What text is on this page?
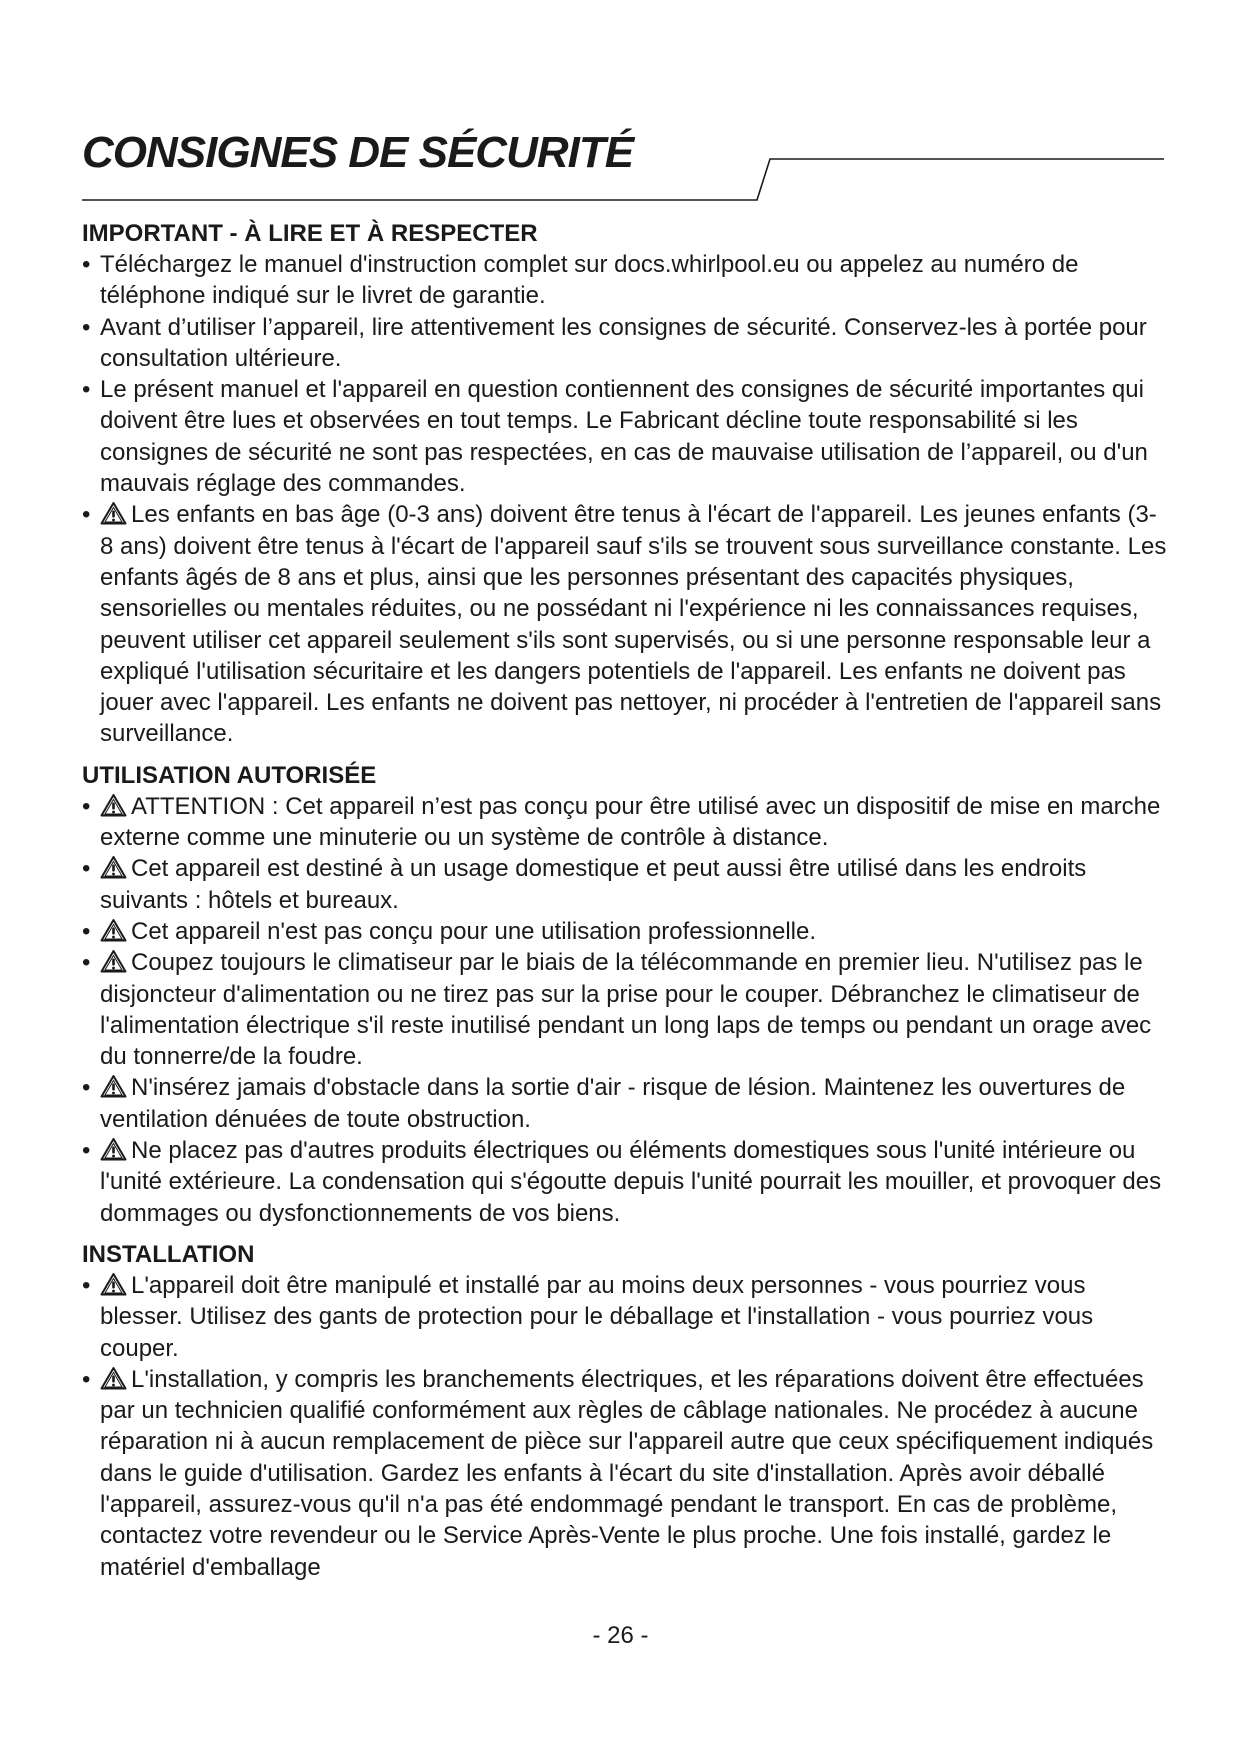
CONSIGNES DE SÉCURITÉ
IMPORTANT - À LIRE ET À RESPECTER
• Téléchargez le manuel d'instruction complet sur docs.whirlpool.eu ou appelez au numéro de téléphone indiqué sur le livret de garantie.
• Avant d’utiliser l’appareil, lire attentivement les consignes de sécurité. Conservez-les à portée pour consultation ultérieure.
• Le présent manuel et l'appareil en question contiennent des consignes de sécurité importantes qui doivent être lues et observées en tout temps. Le Fabricant décline toute responsabilité si les consignes de sécurité ne sont pas respectées, en cas de mauvaise utilisation de l’appareil, ou d'un mauvais réglage des commandes.
• Les enfants en bas âge (0-3 ans) doivent être tenus à l'écart de l'appareil. Les jeunes enfants (3-8 ans) doivent être tenus à l'écart de l'appareil sauf s'ils se trouvent sous surveillance constante. Les enfants âgés de 8 ans et plus, ainsi que les personnes présentant des capacités physiques, sensorielles ou mentales réduites, ou ne possédant ni l'expérience ni les connaissances requises, peuvent utiliser cet appareil seulement s'ils sont supervisés, ou si une personne responsable leur a expliqué l'utilisation sécuritaire et les dangers potentiels de l'appareil. Les enfants ne doivent pas jouer avec l'appareil. Les enfants ne doivent pas nettoyer, ni procéder à l'entretien de l'appareil sans surveillance.
UTILISATION AUTORISÉE
• ATTENTION : Cet appareil n’est pas conçu pour être utilisé avec un dispositif de mise en marche externe comme une minuterie ou un système de contrôle à distance.
• Cet appareil est destiné à un usage domestique et peut aussi être utilisé dans les endroits suivants : hôtels et bureaux.
• Cet appareil n'est pas conçu pour une utilisation professionnelle.
• Coupez toujours le climatiseur par le biais de la télécommande en premier lieu. N'utilisez pas le disjoncteur d'alimentation ou ne tirez pas sur la prise pour le couper. Débranchez le climatiseur de l'alimentation électrique s'il reste inutilisé pendant un long laps de temps ou pendant un orage avec du tonnerre/de la foudre.
• N'insérez jamais d'obstacle dans la sortie d'air - risque de lésion. Maintenez les ouvertures de ventilation dénuées de toute obstruction.
• Ne placez pas d'autres produits électriques ou éléments domestiques sous l'unité intérieure ou l'unité extérieure. La condensation qui s'égoutte depuis l'unité pourrait les mouiller, et provoquer des dommages ou dysfonctionnements de vos biens.
INSTALLATION
• L'appareil doit être manipulé et installé par au moins deux personnes - vous pourriez vous blesser. Utilisez des gants de protection pour le déballage et l'installation - vous pourriez vous couper.
• L'installation, y compris les branchements électriques, et les réparations doivent être effectuées par un technicien qualifié conformément aux règles de câblage nationales. Ne procédez à aucune réparation ni à aucun remplacement de pièce sur l'appareil autre que ceux spécifiquement indiqués dans le guide d'utilisation. Gardez les enfants à l'écart du site d'installation. Après avoir déballé l'appareil, assurez-vous qu'il n'a pas été endommagé pendant le transport. En cas de problème, contactez votre revendeur ou le Service Après-Vente le plus proche. Une fois installé, gardez le matériel d'emballage
- 26 -
